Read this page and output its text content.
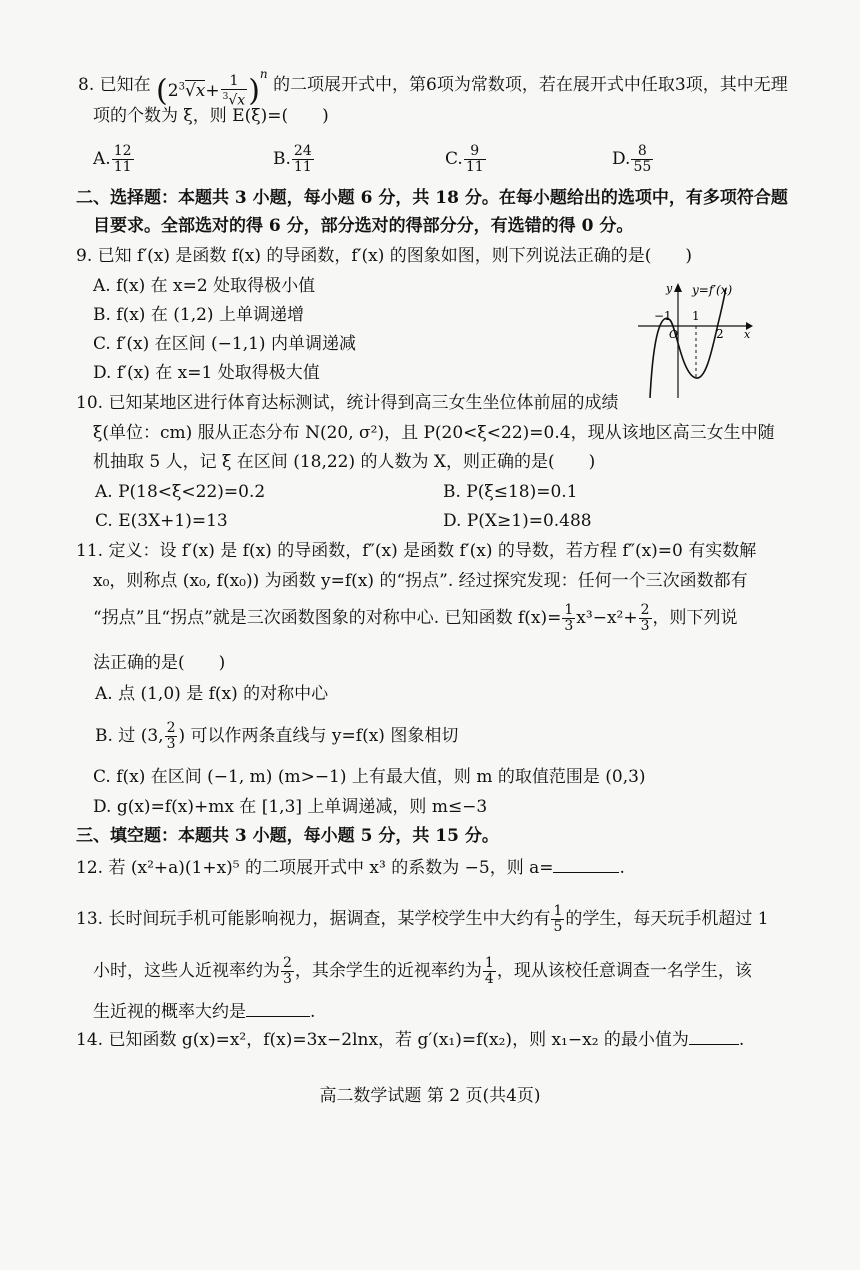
8. 已知在 $(2^3√x+ \frac{1}{^3√x} )^n$ 的二项展开式中，第6项为常数项，若在展开式中任取3项，其中无理
项的个数为 ξ，则 E(ξ)=(　　)
A. $\frac{12}{11}$	B. $\frac{24}{11}$	C. $\frac{9}{11}$	D. $\frac{8}{55}$
二、选择题：本题共 3 小题，每小题 6 分，共 18 分。在每小题给出的选项中，有多项符合题
目要求。全部选对的得 6 分，部分选对的得部分分，有选错的得 0 分。
9. 已知 f′(x) 是函数 f(x) 的导函数，f′(x) 的图象如图，则下列说法正确的是(　　)
A. f(x) 在 x=2 处取得极小值
B. f(x) 在 (1,2) 上单调递增
C. f′(x) 在区间 (−1,1) 内单调递减
D. f′(x) 在 x=1 处取得极大值
y y=f′(x)
x
−1
O
1
2
10. 已知某地区进行体育达标测试，统计得到高三女生坐位体前屈的成绩
ξ(单位：cm) 服从正态分布 N(20, σ²)，且 P(20<ξ<22)=0.4，现从该地区高三女生中随
机抽取 5 人，记 ξ 在区间 (18,22) 的人数为 X，则正确的是(　　)
A. P(18<ξ<22)=0.2	B. P(ξ≤18)=0.1
C. E(3X+1)=13	D. P(X≥1)=0.488
11. 定义：设 f′(x) 是 f(x) 的导函数，f″(x) 是函数 f′(x) 的导数，若方程 f″(x)=0 有实数解
x₀，则称点 (x₀, f(x₀)) 为函数 y=f(x) 的“拐点”. 经过探究发现：任何一个三次函数都有
“拐点”且“拐点”就是三次函数图象的对称中心. 已知函数 $f(x)= \frac{1}{3} x^3-x^2+ \frac{2}{3}$ ，则下列说
法正确的是(　　)
A. 点 (1,0) 是 f(x) 的对称中心
B. 过 (3, $\frac{2}{3}$ ) 可以作两条直线与 y=f(x) 图象相切
C. f(x) 在区间 (−1, m) (m>−1) 上有最大值，则 m 的取值范围是 (0,3)
D. g(x)=f(x)+mx 在 [1,3] 上单调递减，则 m≤−3
三、填空题：本题共 3 小题，每小题 5 分，共 15 分。
12. 若 (x²+a)(1+x)⁵ 的二项展开式中 x³ 的系数为 −5，则 a=	.
13. 长时间玩手机可能影响视力，据调查，某学校学生中大约有 $\frac{1}{5}$ 的学生，每天玩手机超过 1
小时，这些人近视率约为 $\frac{2}{3}$ ，其余学生的近视率约为 $\frac{1}{4}$ ，现从该校任意调查一名学生，该
生近视的概率大约是	.
14. 已知函数 g(x)=x²，f(x)=3x−2lnx，若 g′(x₁)=f(x₂)，则 x₁−x₂ 的最小值为	.
高二数学试题 第 2 页(共4页)
